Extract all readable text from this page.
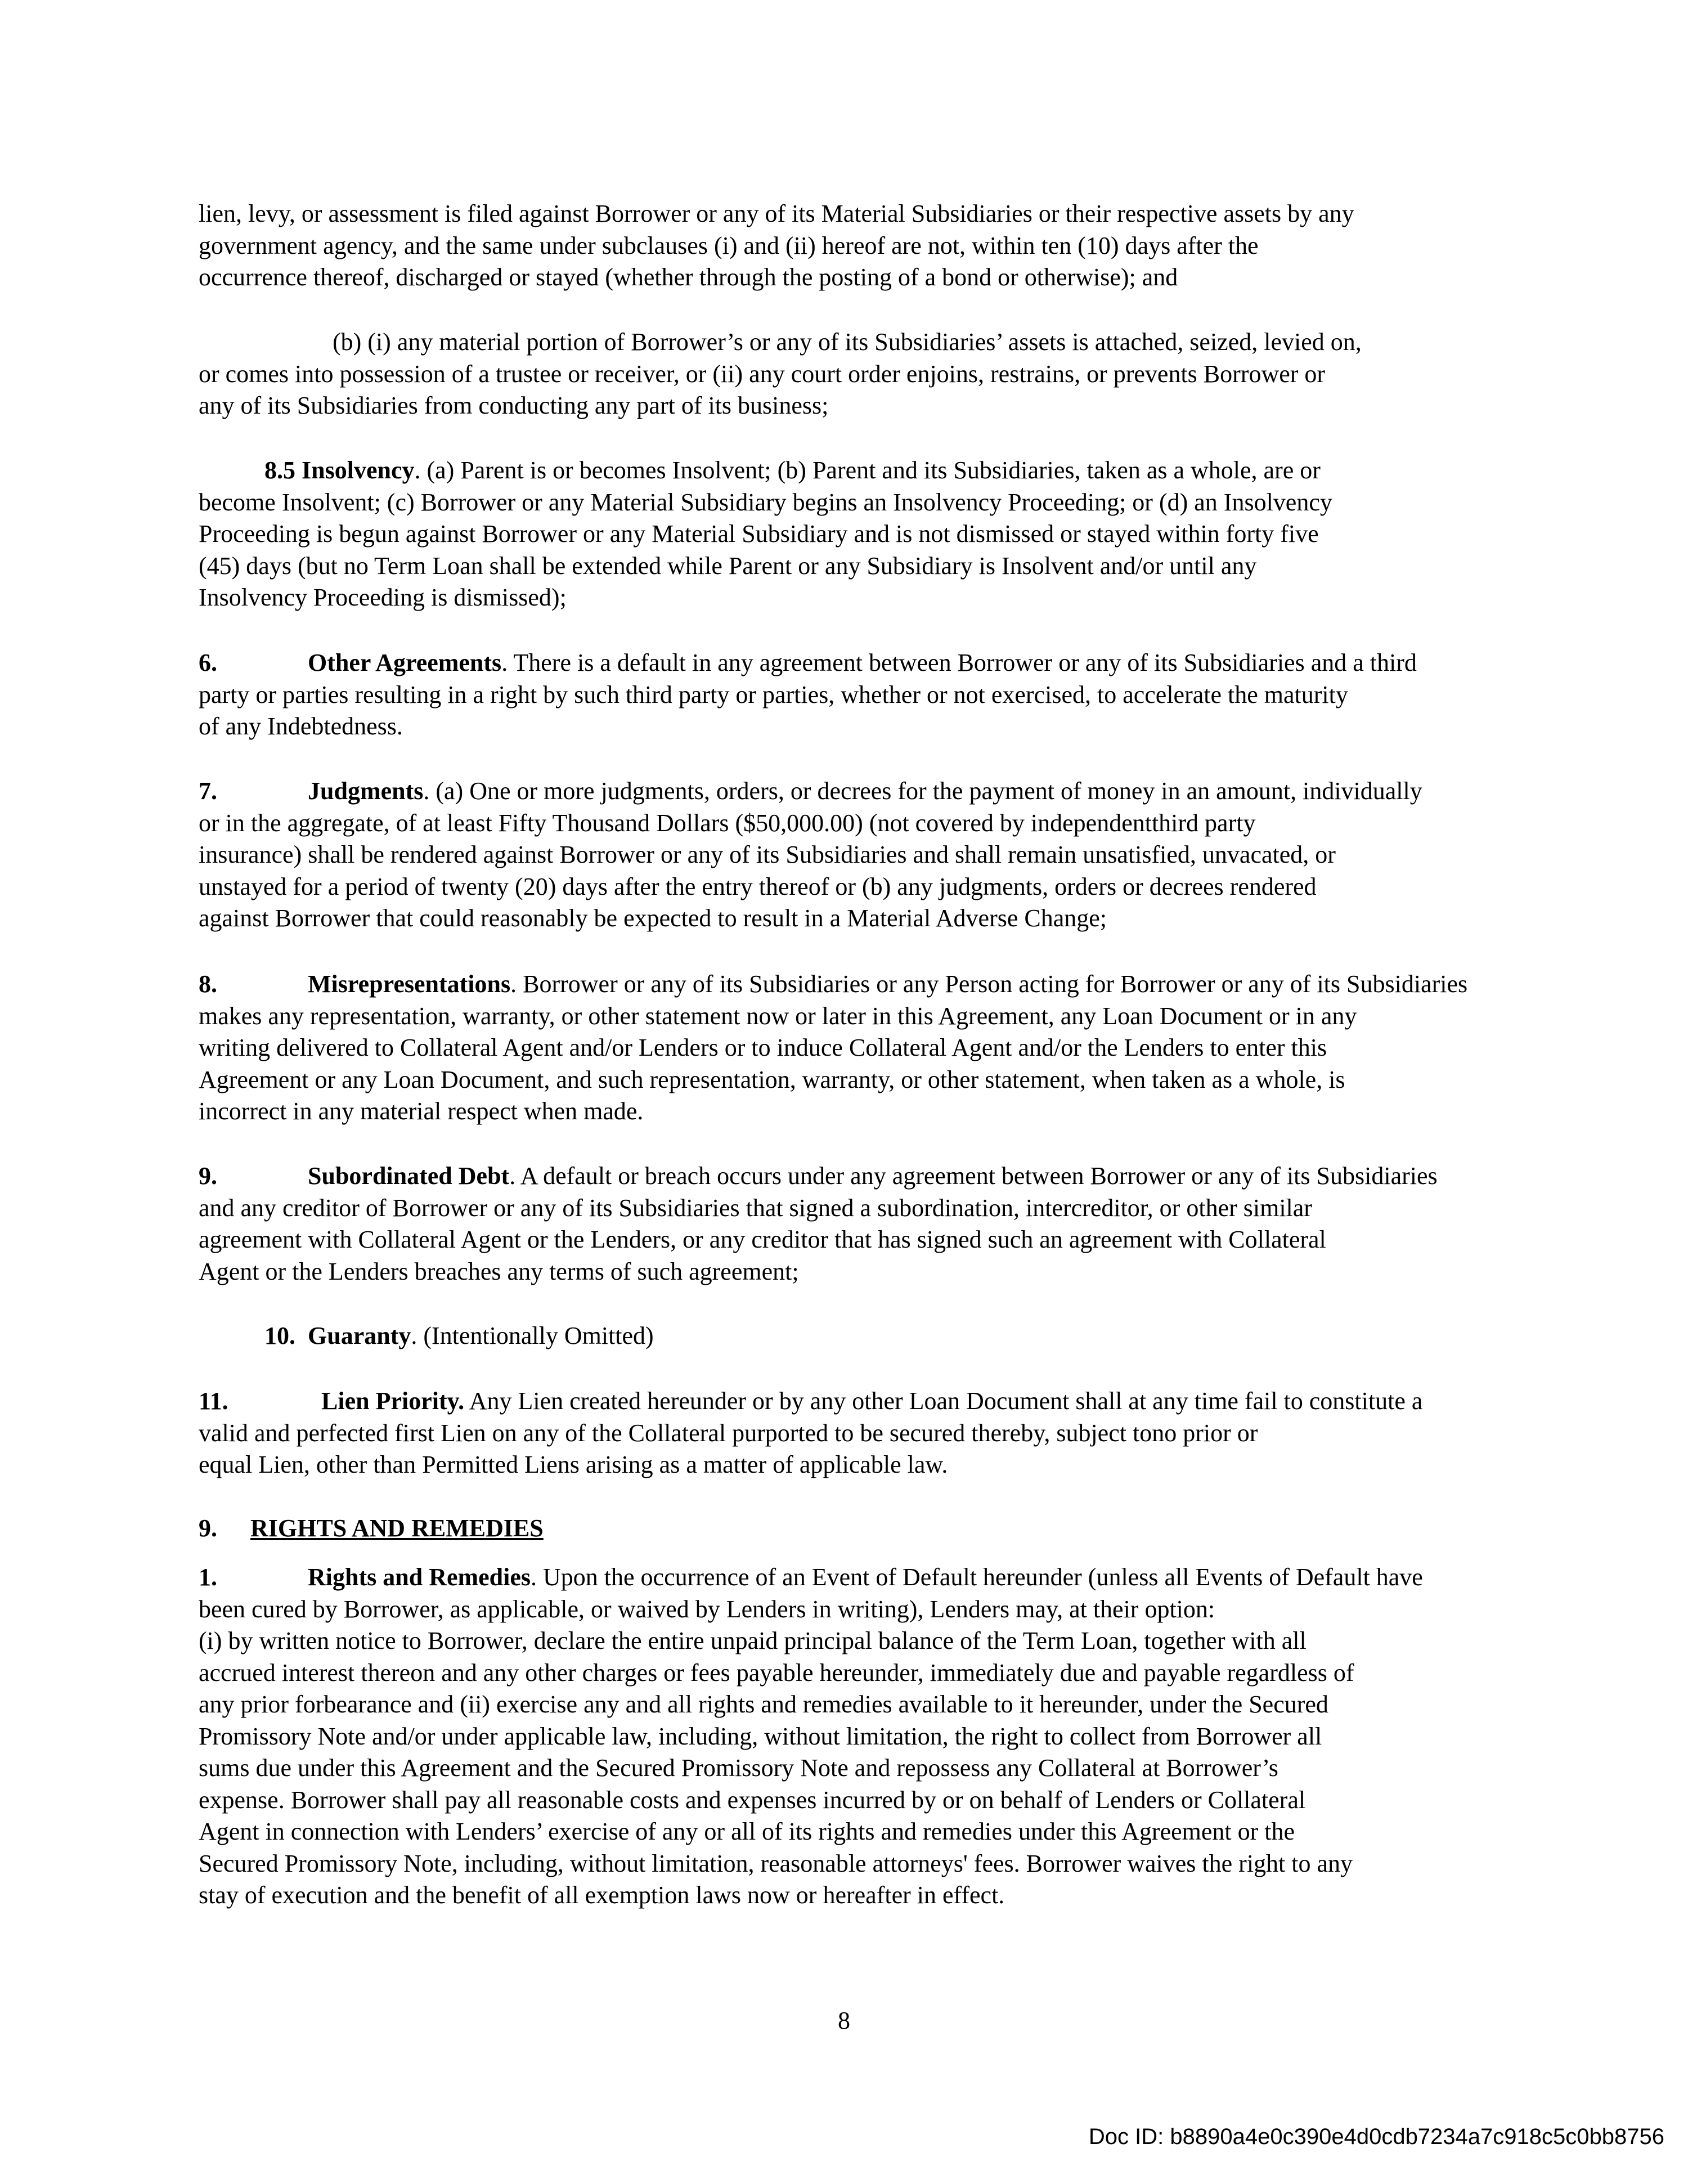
lien, levy, or assessment is filed against Borrower or any of its Material Subsidiaries or their respective assets by any
government agency, and the same under subclauses (i) and (ii) hereof are not, within ten (10) days after the
occurrence thereof, discharged or stayed (whether through the posting of a bond or otherwise); and
(b) (i) any material portion of Borrower’s or any of its Subsidiaries’ assets is attached, seized, levied on,
or comes into possession of a trustee or receiver, or (ii) any court order enjoins, restrains, or prevents Borrower or
any of its Subsidiaries from conducting any part of its business;
8.5 Insolvency. (a) Parent is or becomes Insolvent; (b) Parent and its Subsidiaries, taken as a whole, are or
become Insolvent; (c) Borrower or any Material Subsidiary begins an Insolvency Proceeding; or (d) an Insolvency
Proceeding is begun against Borrower or any Material Subsidiary and is not dismissed or stayed within forty five
(45) days (but no Term Loan shall be extended while Parent or any Subsidiary is Insolvent and/or until any
Insolvency Proceeding is dismissed);
6.	Other Agreements. There is a default in any agreement between Borrower or any of its Subsidiaries and a third
party or parties resulting in a right by such third party or parties, whether or not exercised, to accelerate the maturity
of any Indebtedness.
7.	Judgments. (a) One or more judgments, orders, or decrees for the payment of money in an amount, individually
or in the aggregate, of at least Fifty Thousand Dollars ($50,000.00) (not covered by independentthird party
insurance) shall be rendered against Borrower or any of its Subsidiaries and shall remain unsatisfied, unvacated, or
unstayed for a period of twenty (20) days after the entry thereof or (b) any judgments, orders or decrees rendered
against Borrower that could reasonably be expected to result in a Material Adverse Change;
8.	Misrepresentations. Borrower or any of its Subsidiaries or any Person acting for Borrower or any of its Subsidiaries
makes any representation, warranty, or other statement now or later in this Agreement, any Loan Document or in any
writing delivered to Collateral Agent and/or Lenders or to induce Collateral Agent and/or the Lenders to enter this
Agreement or any Loan Document, and such representation, warranty, or other statement, when taken as a whole, is
incorrect in any material respect when made.
9.	Subordinated Debt. A default or breach occurs under any agreement between Borrower or any of its Subsidiaries
and any creditor of Borrower or any of its Subsidiaries that signed a subordination, intercreditor, or other similar
agreement with Collateral Agent or the Lenders, or any creditor that has signed such an agreement with Collateral
Agent or the Lenders breaches any terms of such agreement;
10. Guaranty. (Intentionally Omitted)
11.	Lien Priority. Any Lien created hereunder or by any other Loan Document shall at any time fail to constitute a
valid and perfected first Lien on any of the Collateral purported to be secured thereby, subject tono prior or
equal Lien, other than Permitted Liens arising as a matter of applicable law.
9. RIGHTS AND REMEDIES
1.	Rights and Remedies. Upon the occurrence of an Event of Default hereunder (unless all Events of Default have
been cured by Borrower, as applicable, or waived by Lenders in writing), Lenders may, at their option:
(i) by written notice to Borrower, declare the entire unpaid principal balance of the Term Loan, together with all
accrued interest thereon and any other charges or fees payable hereunder, immediately due and payable regardless of
any prior forbearance and (ii) exercise any and all rights and remedies available to it hereunder, under the Secured
Promissory Note and/or under applicable law, including, without limitation, the right to collect from Borrower all
sums due under this Agreement and the Secured Promissory Note and repossess any Collateral at Borrower’s
expense. Borrower shall pay all reasonable costs and expenses incurred by or on behalf of Lenders or Collateral
Agent in connection with Lenders’ exercise of any or all of its rights and remedies under this Agreement or the
Secured Promissory Note, including, without limitation, reasonable attorneys' fees. Borrower waives the right to any
stay of execution and the benefit of all exemption laws now or hereafter in effect.
8
Doc ID: b8890a4e0c390e4d0cdb7234a7c918c5c0bb8756
